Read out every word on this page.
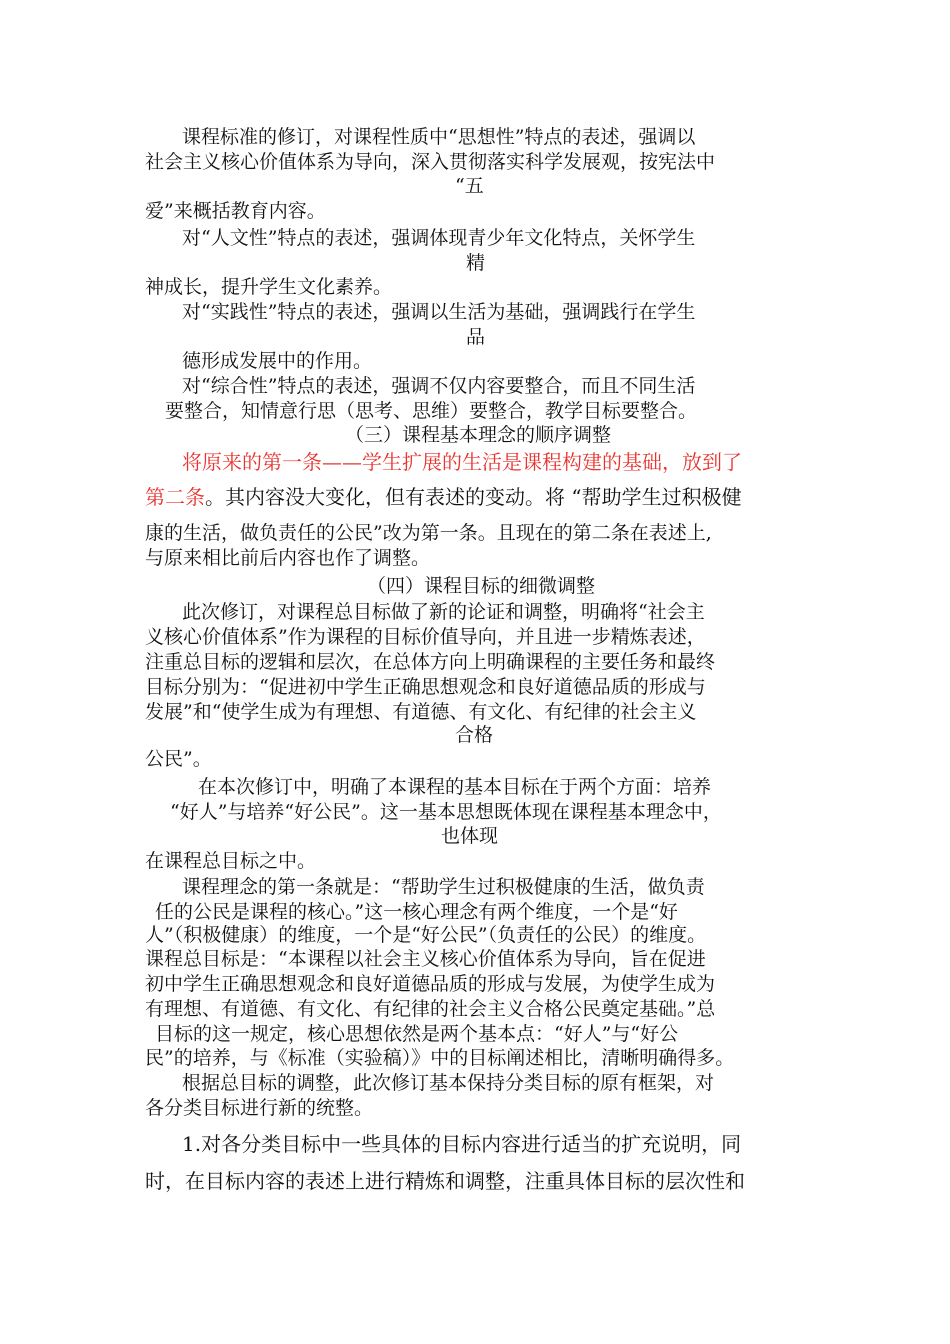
课程标准的修订，对课程性质中“思想性”特点的表述，强调以
社会主义核心价值体系为导向，深入贯彻落实科学发展观，按宪法中
“五
爱”来概括教育内容。
对“人文性”特点的表述，强调体现青少年文化特点，关怀学生
精
神成长，提升学生文化素养。
对“实践性”特点的表述，强调以生活为基础，强调践行在学生
品
德形成发展中的作用。
对“综合性”特点的表述，强调不仅内容要整合，而且不同生活
要整合，知情意行思（思考、思维）要整合，教学目标要整合。
（三）课程基本理念的顺序调整
将原来的第一条——学生扩展的生活是课程构建的基础，放到了
第二条。其内容没大变化，但有表述的变动。将 “帮助学生过积极健
康的生活，做负责任的公民”改为第一条。且现在的第二条在表述上,
与原来相比前后内容也作了调整。
（四）课程目标的细微调整
此次修订，对课程总目标做了新的论证和调整，明确将“社会主
义核心价值体系”作为课程的目标价值导向，并且进一步精炼表述，
注重总目标的逻辑和层次，在总体方向上明确课程的主要任务和最终
目标分别为：“促进初中学生正确思想观念和良好道德品质的形成与
发展”和“使学生成为有理想、有道德、有文化、有纪律的社会主义
合格
公民”。
在本次修订中，明确了本课程的基本目标在于两个方面：培养
“好人”与培养“好公民”。这一基本思想既体现在课程基本理念中，
也体现
在课程总目标之中。
课程理念的第一条就是：“帮助学生过积极健康的生活，做负责
任的公民是课程的核心。”这一核心理念有两个维度，一个是“好
人”（积极健康）的维度，一个是“好公民”（负责任的公民）的维度。
课程总目标是：“本课程以社会主义核心价值体系为导向，旨在促进
初中学生正确思想观念和良好道德品质的形成与发展，为使学生成为
有理想、有道德、有文化、有纪律的社会主义合格公民奠定基础。”总
目标的这一规定，核心思想依然是两个基本点：“好人”与“好公
民”的培养，与《标准（实验稿）》中的目标阐述相比，清晰明确得多。
根据总目标的调整，此次修订基本保持分类目标的原有框架，对
各分类目标进行新的统整。
1.对各分类目标中一些具体的目标内容进行适当的扩充说明，同
时，在目标内容的表述上进行精炼和调整，注重具体目标的层次性和
